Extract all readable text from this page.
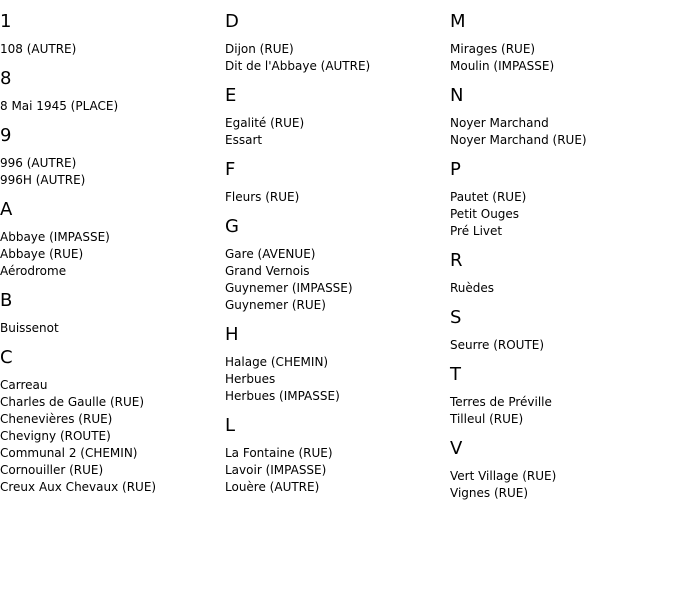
1
108 (AUTRE)
8
8 Mai 1945 (PLACE)
9
996 (AUTRE)
996H (AUTRE)
A
Abbaye (IMPASSE)
Abbaye (RUE)
Aérodrome
B
Buissenot
C
Carreau
Charles de Gaulle (RUE)
Chenevières (RUE)
Chevigny (ROUTE)
Communal 2 (CHEMIN)
Cornouiller (RUE)
Creux Aux Chevaux (RUE)
D
Dijon (RUE)
Dit de l'Abbaye (AUTRE)
E
Egalité (RUE)
Essart
F
Fleurs (RUE)
G
Gare (AVENUE)
Grand Vernois
Guynemer (IMPASSE)
Guynemer (RUE)
H
Halage (CHEMIN)
Herbues
Herbues (IMPASSE)
L
La Fontaine (RUE)
Lavoir (IMPASSE)
Louère (AUTRE)
M
Mirages (RUE)
Moulin (IMPASSE)
N
Noyer Marchand
Noyer Marchand (RUE)
P
Pautet (RUE)
Petit Ouges
Pré Livet
R
Ruèdes
S
Seurre (ROUTE)
T
Terres de Préville
Tilleul (RUE)
V
Vert Village (RUE)
Vignes (RUE)
